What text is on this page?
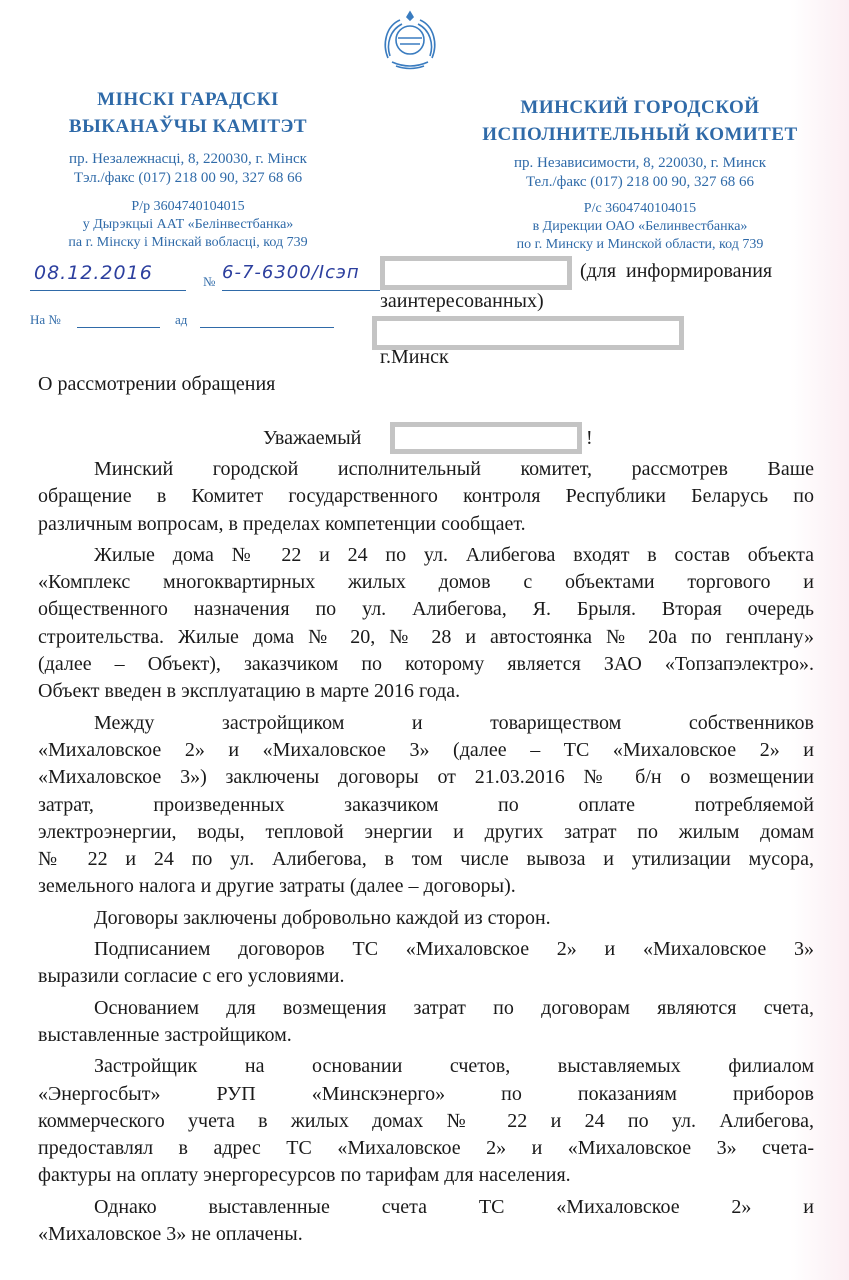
МІНСКІ ГАРАДСКІ
ВЫКАНАЎЧЫ КАМІТЭТ
пр. Незалежнасці, 8, 220030, г. Мінск
Тэл./факс (017) 218 00 90, 327 68 66
Р/р 3604740104015
у Дырэкцыі ААТ «Белінвестбанка»
па г. Мінску і Мінскай вобласці, код 739
МИНСКИЙ ГОРОДСКОЙ
ИСПОЛНИТЕЛЬНЫЙ КОМИТЕТ
пр. Независимости, 8, 220030, г. Минск
Тел./факс (017) 218 00 90, 327 68 66
Р/с 3604740104015
в Дирекции ОАО «Белинвестбанка»
по г. Минску и Минской области, код 739
08.12.2016	№ 6-7-6300/Ісэп
На №	ад
(для информирования
заинтересованных)
г.Минск
О рассмотрении обращения
Уважаемый	!
Минский городской исполнительный комитет, рассмотрев Ваше
обращение в Комитет государственного контроля Республики Беларусь по
различным вопросам, в пределах компетенции сообщает.
Жилые дома № 22 и 24 по ул. Алибегова входят в состав объекта
«Комплекс многоквартирных жилых домов с объектами торгового и
общественного назначения по ул. Алибегова, Я. Брыля. Вторая очередь
строительства. Жилые дома № 20, № 28 и автостоянка № 20а по генплану»
(далее – Объект), заказчиком по которому является ЗАО «Топзапэлектро».
Объект введен в эксплуатацию в марте 2016 года.
Между застройщиком и товариществом собственников
«Михаловское 2» и «Михаловское 3» (далее – ТС «Михаловское 2» и
«Михаловское 3») заключены договоры от 21.03.2016 № б/н о возмещении
затрат, произведенных заказчиком по оплате потребляемой
электроэнергии, воды, тепловой энергии и других затрат по жилым домам
№ 22 и 24 по ул. Алибегова, в том числе вывоза и утилизации мусора,
земельного налога и другие затраты (далее – договоры).
Договоры заключены добровольно каждой из сторон.
Подписанием договоров ТС «Михаловское 2» и «Михаловское 3»
выразили согласие с его условиями.
Основанием для возмещения затрат по договорам являются счета,
выставленные застройщиком.
Застройщик на основании счетов, выставляемых филиалом
«Энергосбыт» РУП «Минскэнерго» по показаниям приборов
коммерческого учета в жилых домах № 22 и 24 по ул. Алибегова,
предоставлял в адрес ТС «Михаловское 2» и «Михаловское 3» счета-
фактуры на оплату энергоресурсов по тарифам для населения.
Однако выставленные счета ТС «Михаловское 2» и
«Михаловское 3» не оплачены.
